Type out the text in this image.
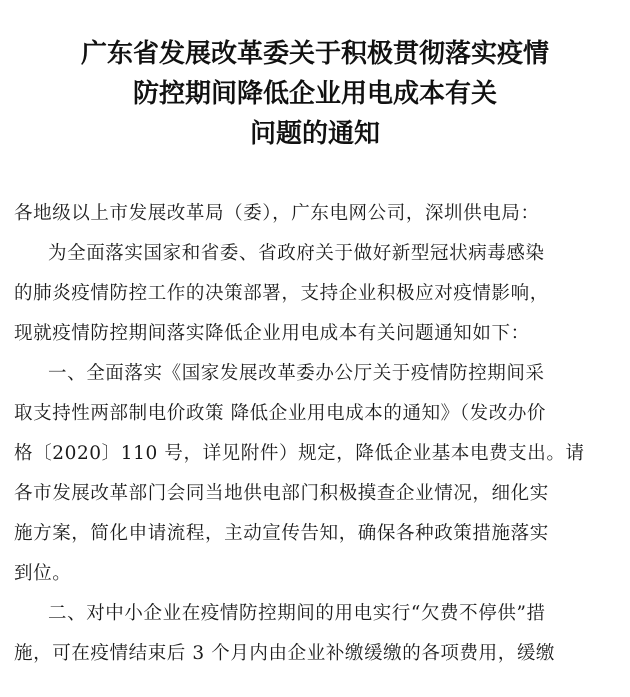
广东省发展改革委关于积极贯彻落实疫情
防控期间降低企业用电成本有关
问题的通知
各地级以上市发展改革局（委），广东电网公司，深圳供电局：
为全面落实国家和省委、省政府关于做好新型冠状病毒感染
的肺炎疫情防控工作的决策部署，支持企业积极应对疫情影响，
现就疫情防控期间落实降低企业用电成本有关问题通知如下：
一、全面落实《国家发展改革委办公厅关于疫情防控期间采
取支持性两部制电价政策 降低企业用电成本的通知》（发改办价
格〔2020〕110 号，详见附件）规定，降低企业基本电费支出。请
各市发展改革部门会同当地供电部门积极摸查企业情况，细化实
施方案，简化申请流程，主动宣传告知，确保各种政策措施落实
到位。
二、对中小企业在疫情防控期间的用电实行“欠费不停供”措
施，可在疫情结束后 3 个月内由企业补缴缓缴的各项费用，缓缴
